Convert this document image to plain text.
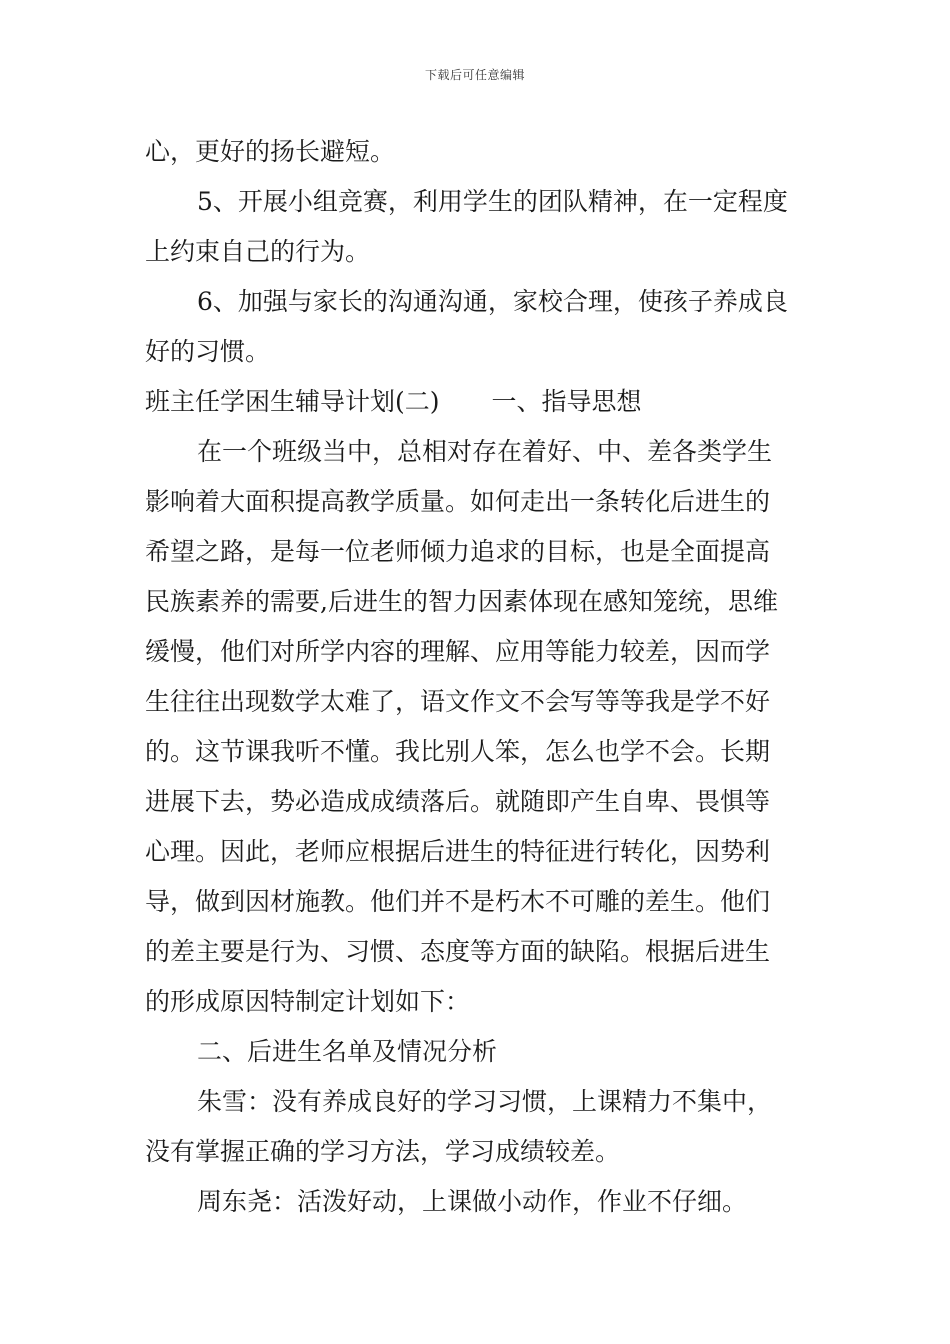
下载后可任意编辑
心，更好的扬长避短。
5、开展小组竞赛，利用学生的团队精神，在一定程度
上约束自己的行为。
6、加强与家长的沟通沟通，家校合理，使孩子养成良
好的习惯。
班主任学困生辅导计划(二) 一、指导思想
在一个班级当中，总相对存在着好、中、差各类学生
影响着大面积提高教学质量。如何走出一条转化后进生的
希望之路，是每一位老师倾力追求的目标，也是全面提高
民族素养的需要,后进生的智力因素体现在感知笼统，思维
缓慢，他们对所学内容的理解、应用等能力较差，因而学
生往往出现数学太难了，语文作文不会写等等我是学不好
的。这节课我听不懂。我比别人笨，怎么也学不会。长期
进展下去，势必造成成绩落后。就随即产生自卑、畏惧等
心理。因此，老师应根据后进生的特征进行转化，因势利
导，做到因材施教。他们并不是朽木不可雕的差生。他们
的差主要是行为、习惯、态度等方面的缺陷。根据后进生
的形成原因特制定计划如下：
二、后进生名单及情况分析
朱雪：没有养成良好的学习习惯，上课精力不集中，
没有掌握正确的学习方法，学习成绩较差。
周东尧：活泼好动，上课做小动作，作业不仔细。
